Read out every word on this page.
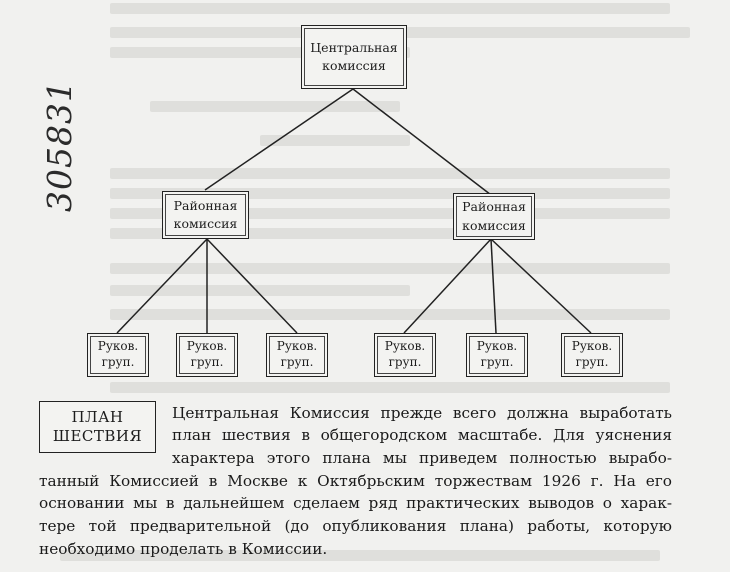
305831
Центральная
комиссия
Районная
комиссия
Районная
комиссия
Руков.
груп.
Руков.
груп.
Руков.
груп.
Руков.
груп.
Руков.
груп.
Руков.
груп.
ПЛАН
ШЕСТВИЯ
Центральная Комиссия прежде всего должна выработать
план шествия в общегородском масштабе. Для уяснения
характера этого плана мы приведем полностью вырабо-
танный Комиссией в Москве к Октябрьским торжествам 1926 г. На его
основании мы в дальнейшем сделаем ряд практических выводов о харак-
тере той предварительной (до опубликования плана) работы, которую
необходимо проделать в Комиссии.
